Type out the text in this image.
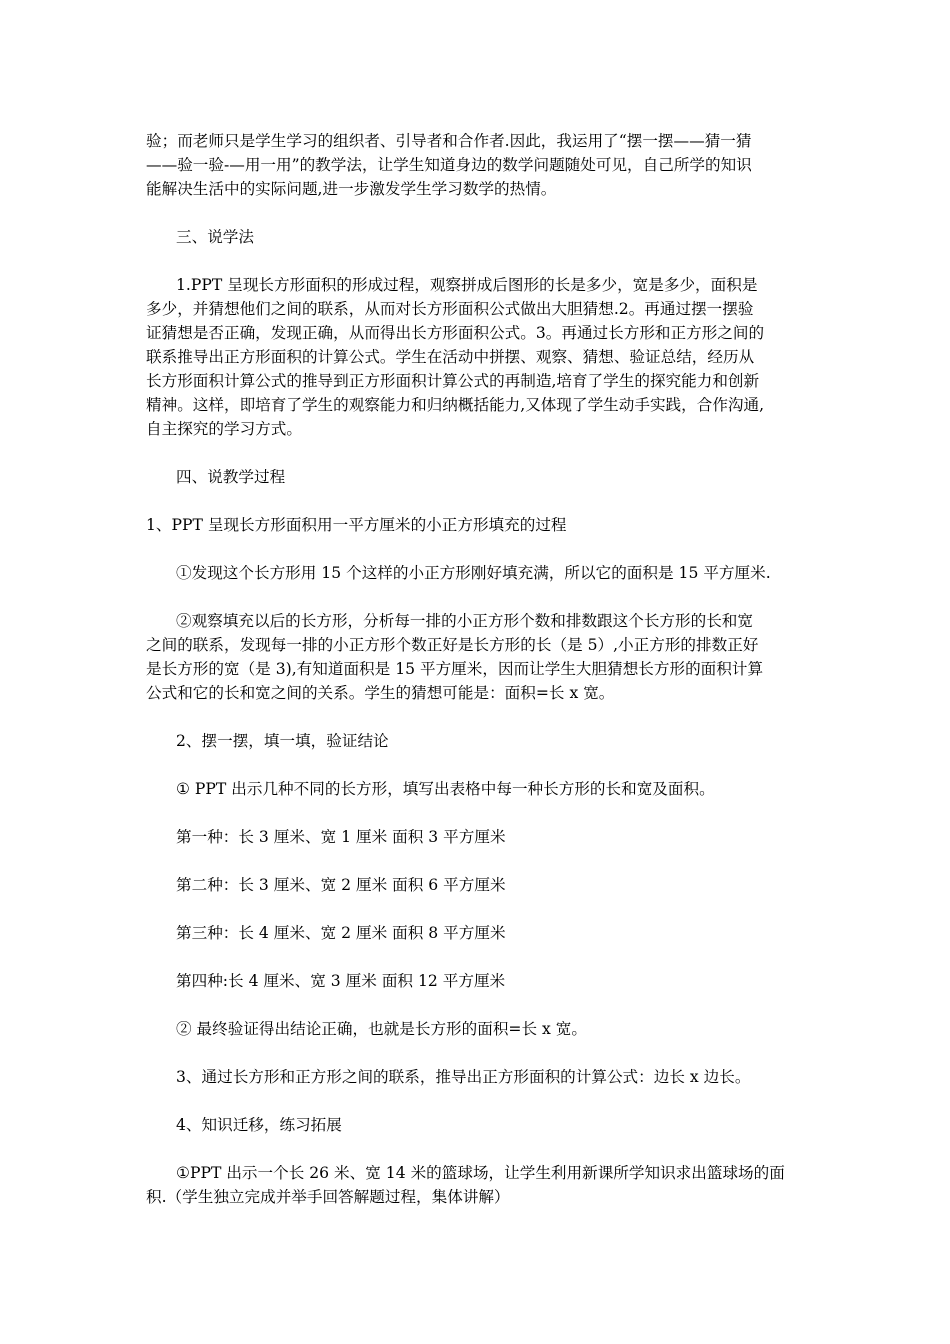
验；而老师只是学生学习的组织者、引导者和合作者.因此，我运用了“摆一摆——猜一猜

——验一验-—用一用”的教学法，让学生知道身边的数学问题随处可见，自己所学的知识

能解决生活中的实际问题,进一步激发学生学习数学的热情。

三、说学法

1.PPT 呈现长方形面积的形成过程，观察拼成后图形的长是多少，宽是多少，面积是

多少，并猜想他们之间的联系，从而对长方形面积公式做出大胆猜想.2。再通过摆一摆验

证猜想是否正确，发现正确，从而得出长方形面积公式。3。再通过长方形和正方形之间的

联系推导出正方形面积的计算公式。学生在活动中拼摆、观察、猜想、验证总结，经历从

长方形面积计算公式的推导到正方形面积计算公式的再制造,培育了学生的探究能力和创新

精神。这样，即培育了学生的观察能力和归纳概括能力,又体现了学生动手实践，合作沟通,

自主探究的学习方式。

四、说教学过程

1、PPT 呈现长方形面积用一平方厘米的小正方形填充的过程

①发现这个长方形用 15 个这样的小正方形刚好填充满，所以它的面积是 15 平方厘米.

②观察填充以后的长方形，分析每一排的小正方形个数和排数跟这个长方形的长和宽

之间的联系，发现每一排的小正方形个数正好是长方形的长（是 5）,小正方形的排数正好

是长方形的宽（是 3),有知道面积是 15 平方厘米，因而让学生大胆猜想长方形的面积计算

公式和它的长和宽之间的关系。学生的猜想可能是：面积=长 x 宽。

2、摆一摆，填一填，验证结论

① PPT 出示几种不同的长方形，填写出表格中每一种长方形的长和宽及面积。

第一种：长 3 厘米、宽 1 厘米 面积 3 平方厘米

第二种：长 3 厘米、宽 2 厘米 面积 6 平方厘米

第三种：长 4 厘米、宽 2 厘米 面积 8 平方厘米

第四种:长 4 厘米、宽 3 厘米 面积 12 平方厘米

② 最终验证得出结论正确，也就是长方形的面积=长 x 宽。

3、通过长方形和正方形之间的联系，推导出正方形面积的计算公式：边长 x 边长。

4、知识迁移，练习拓展

①PPT 出示一个长 26 米、宽 14 米的篮球场，让学生利用新课所学知识求出篮球场的面

积.（学生独立完成并举手回答解题过程，集体讲解）
